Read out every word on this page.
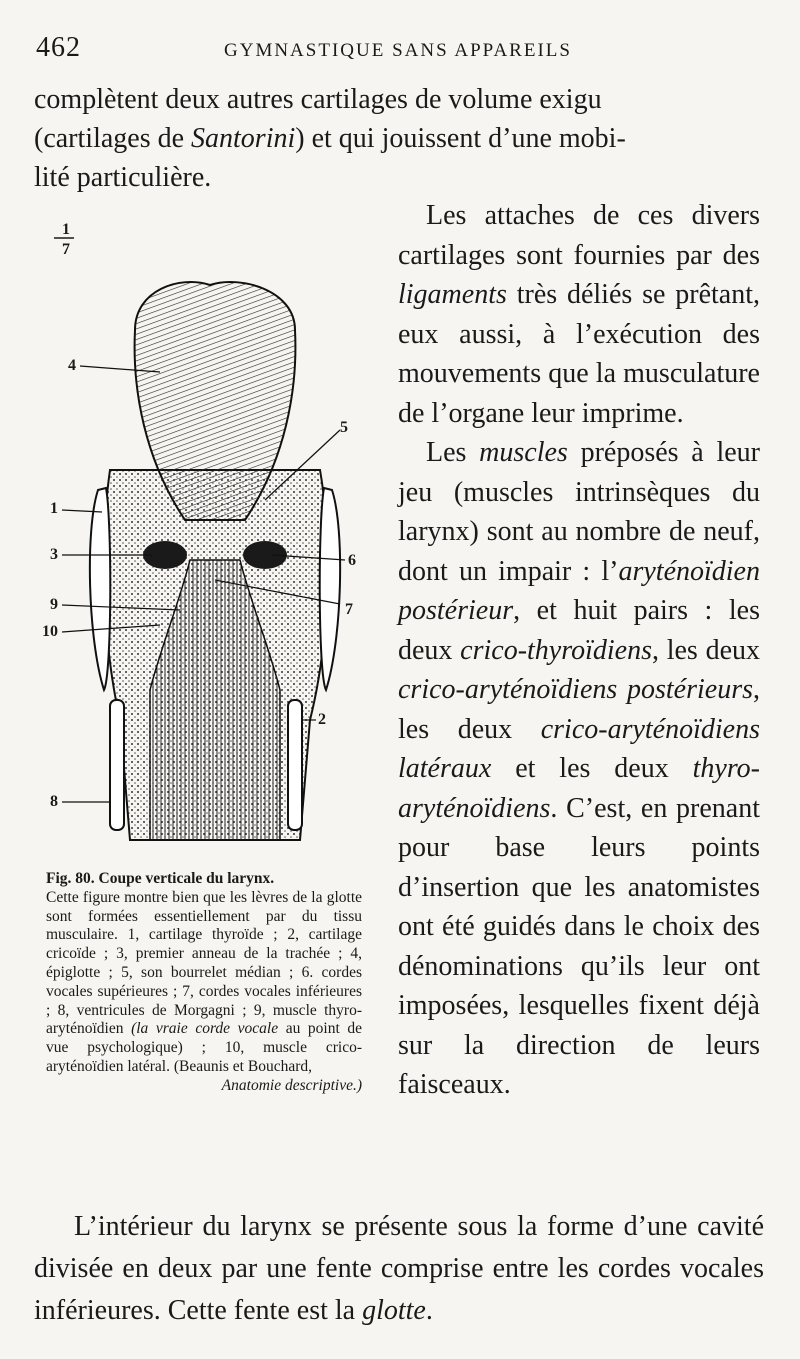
462	GYMNASTIQUE SANS APPAREILS

complètent deux autres cartilages de volume exigu

(cartilages de Santorini) et qui jouissent d’une mobi-

lité particulière.

1
7
4
5
1
3	6
9	7
10
2
8

Fig. 80. Coupe verticale du larynx.

Cette figure montre bien que les lèvres de la glotte sont formées essentiellement par du tissu musculaire. 1, cartilage thyroïde ; 2, cartilage cricoïde ; 3, premier anneau de la trachée ; 4, épiglotte ; 5, son bourrelet médian ; 6. cordes vocales supérieures ; 7, cordes vocales inférieures ; 8, ventricules de Morgagni ; 9, muscle thyro-aryténoïdien (la vraie corde vocale au point de vue psychologique) ; 10, muscle crico-aryténoïdien latéral. (Beaunis et Bouchard,

Anatomie descriptive.)

Les attaches de ces divers cartilages sont fournies par des ligaments très déliés se prêtant, eux aussi, à l’exécution des mouvements que la musculature de l’organe leur imprime.

Les muscles préposés à leur jeu (muscles intrinsèques du larynx) sont au nombre de neuf, dont un impair : l’aryténoïdien postérieur, et huit pairs : les deux crico-thyroïdiens, les deux crico-aryténoïdiens postérieurs, les deux crico-aryténoïdiens latéraux et les deux thyro-aryténoïdiens. C’est, en prenant pour base leurs points d’insertion que les anatomistes ont été guidés dans le choix des dénominations qu’ils leur ont imposées, lesquelles fixent déjà sur la direction de leurs faisceaux.

L’intérieur du larynx se présente sous la forme d’une cavité divisée en deux par une fente comprise entre les cordes vocales inférieures. Cette fente est la glotte.
